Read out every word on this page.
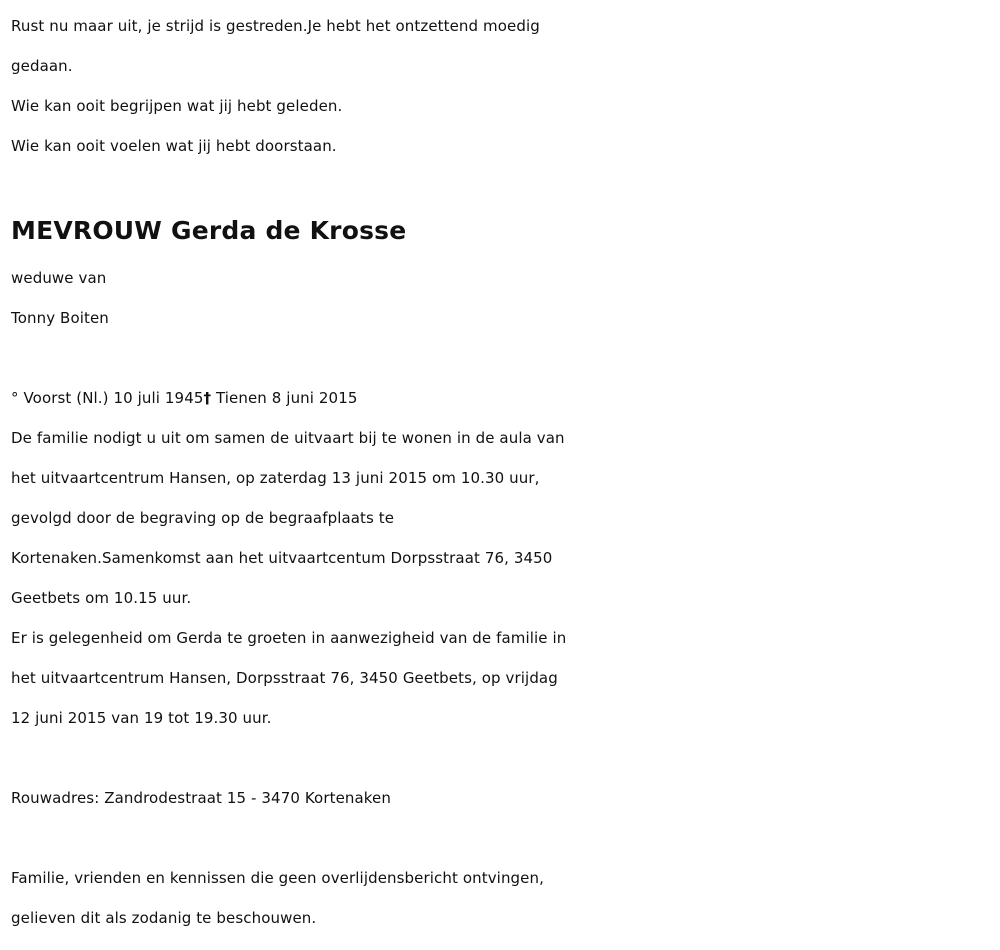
Rust nu maar uit, je strijd is gestreden.Je hebt het ontzettend moedig
gedaan.
Wie kan ooit begrijpen wat jij hebt geleden.
Wie kan ooit voelen wat jij hebt doorstaan.
MEVROUW Gerda de Krosse
weduwe van
Tonny Boiten
° Voorst (Nl.) 10 juli 1945† Tienen 8 juni 2015
De familie nodigt u uit om samen de uitvaart bij te wonen in de aula van
het uitvaartcentrum Hansen, op zaterdag 13 juni 2015 om 10.30 uur,
gevolgd door de begraving op de begraafplaats te
Kortenaken.Samenkomst aan het uitvaartcentum Dorpsstraat 76, 3450
Geetbets om 10.15 uur.
Er is gelegenheid om Gerda te groeten in aanwezigheid van de familie in
het uitvaartcentrum Hansen, Dorpsstraat 76, 3450 Geetbets, op vrijdag
12 juni 2015 van 19 tot 19.30 uur.
Rouwadres: Zandrodestraat 15 - 3470 Kortenaken
Familie, vrienden en kennissen die geen overlijdensbericht ontvingen,
gelieven dit als zodanig te beschouwen.
